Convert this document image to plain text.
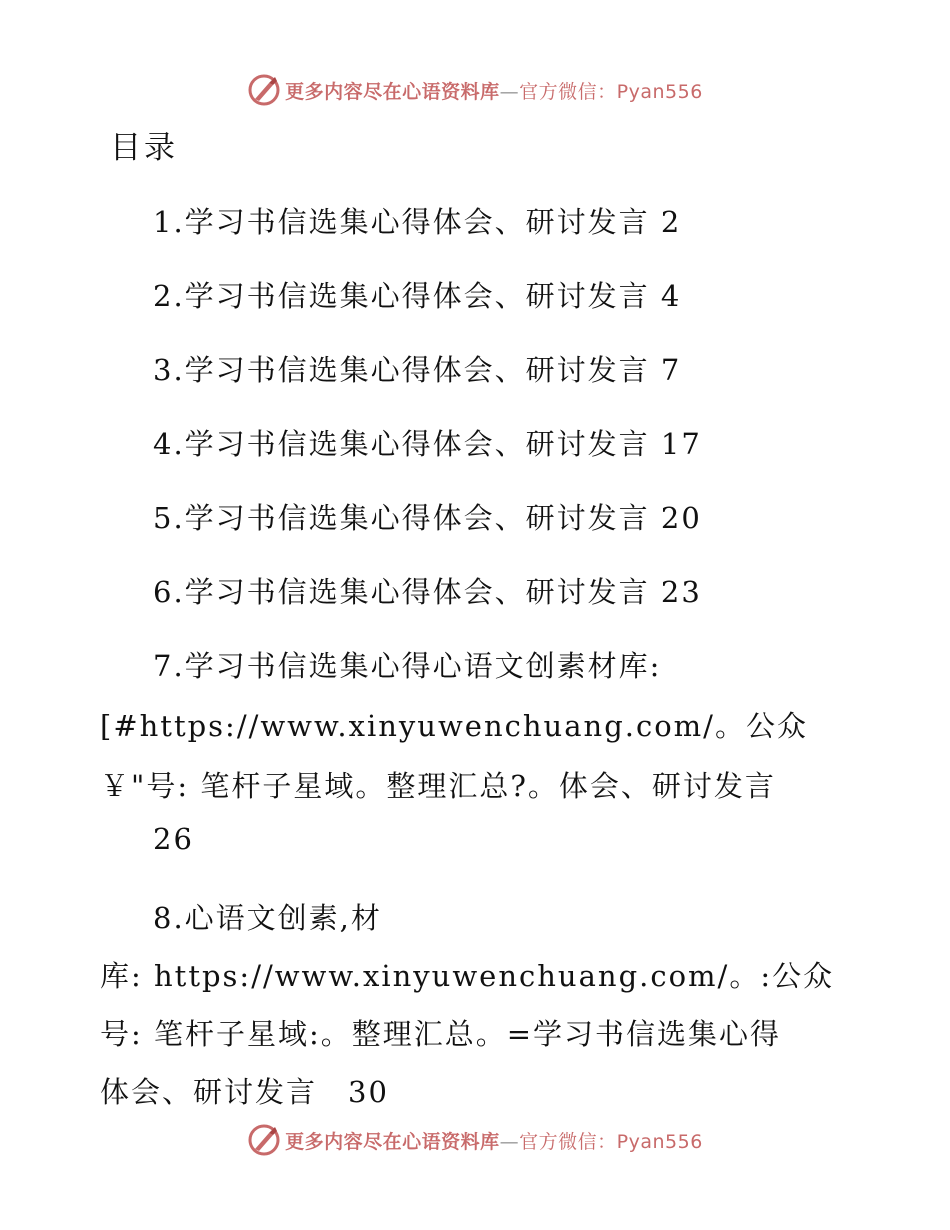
更多内容尽在心语资料库—官方微信：Pyan556
目录
1.学习书信选集心得体会、研讨发言 2
2.学习书信选集心得体会、研讨发言 4
3.学习书信选集心得体会、研讨发言 7
4.学习书信选集心得体会、研讨发言 17
5.学习书信选集心得体会、研讨发言 20
6.学习书信选集心得体会、研讨发言 23
7.学习书信选集心得心语文创素材库:
[#https://www.xinyuwenchuang.com/。公众
￥"号: 笔杆子星域。整理汇总?。体会、研讨发言
26
8.心语文创素,材
库: https://www.xinyuwenchuang.com/。:公众
号: 笔杆子星域:。整理汇总。=学习书信选集心得
体会、研讨发言　30
更多内容尽在心语资料库—官方微信：Pyan556
